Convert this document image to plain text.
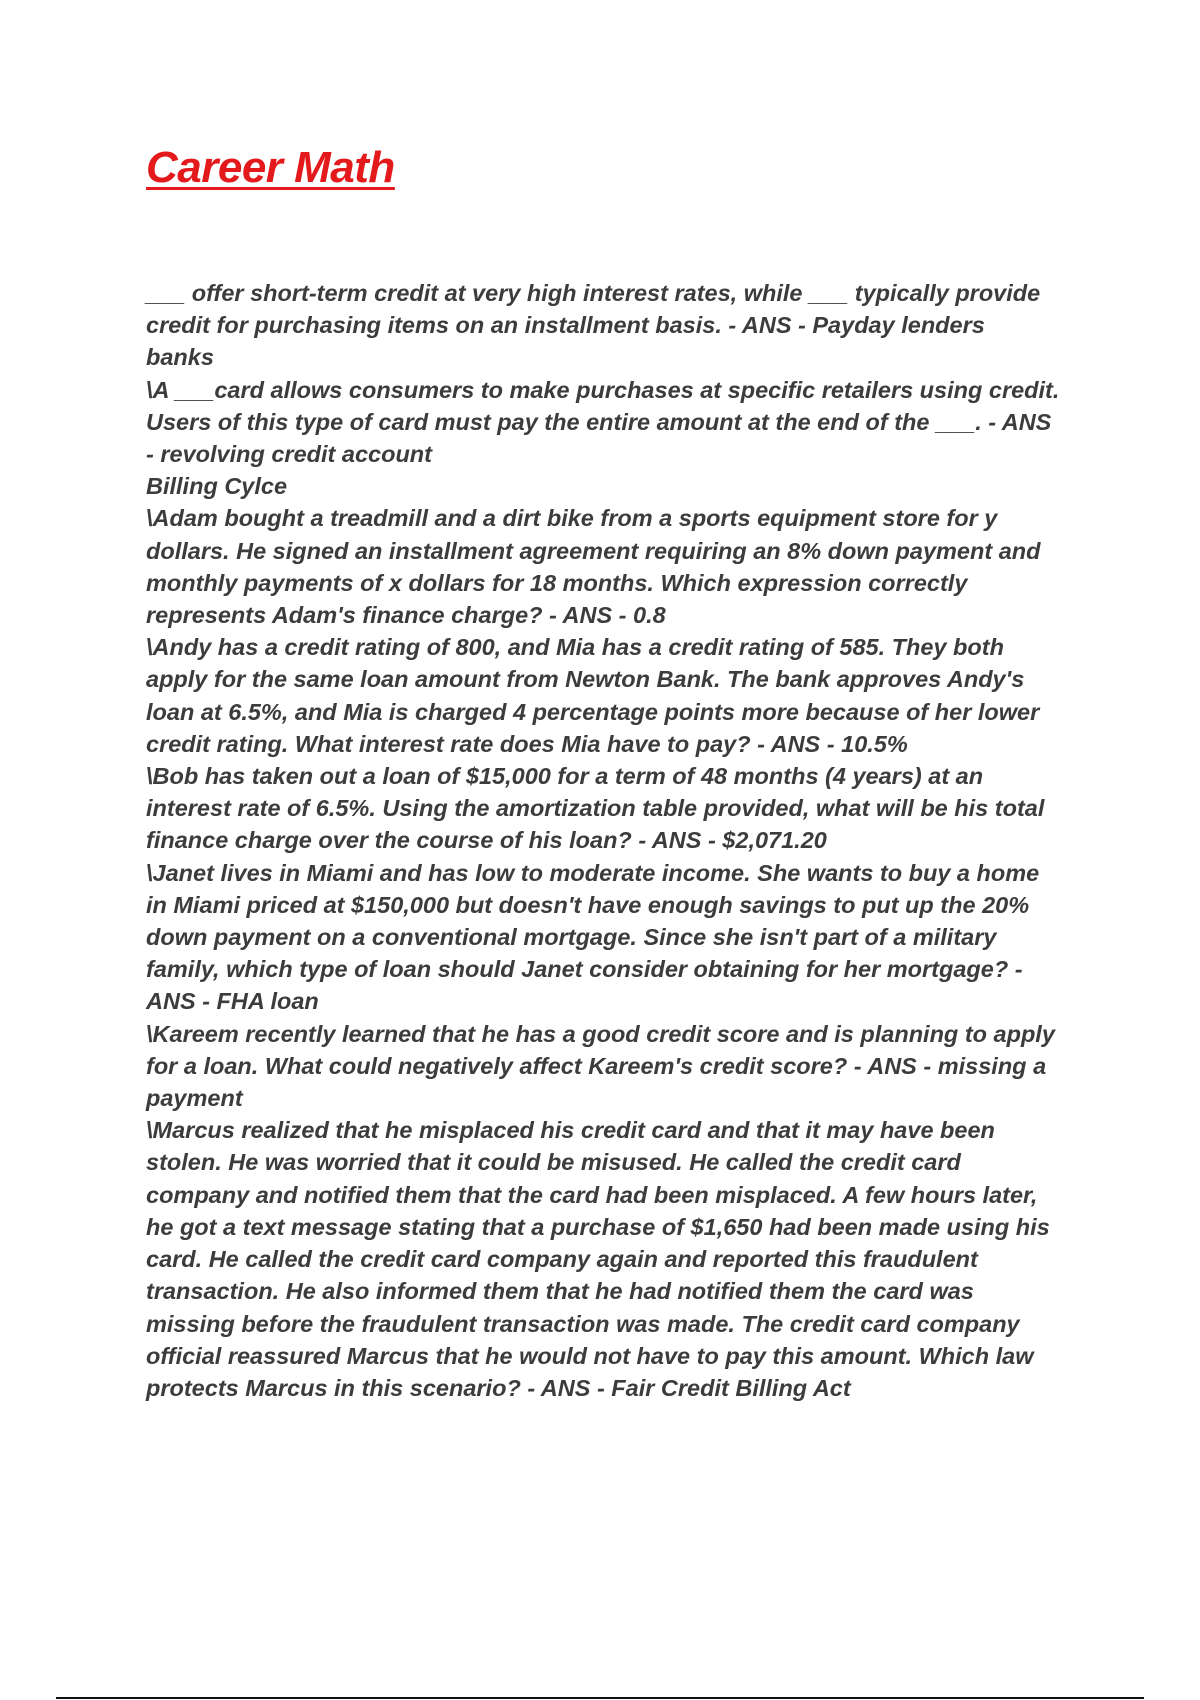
Career Math
___ offer short-term credit at very high interest rates, while ___ typically provide
credit for purchasing items on an installment basis. - ANS - Payday lenders
banks
\A ___card allows consumers to make purchases at specific retailers using credit.
Users of this type of card must pay the entire amount at the end of the ___. - ANS
- revolving credit account
Billing Cylce
\Adam bought a treadmill and a dirt bike from a sports equipment store for y
dollars. He signed an installment agreement requiring an 8% down payment and
monthly payments of x dollars for 18 months. Which expression correctly
represents Adam's finance charge? - ANS - 0.8
\Andy has a credit rating of 800, and Mia has a credit rating of 585. They both
apply for the same loan amount from Newton Bank. The bank approves Andy's
loan at 6.5%, and Mia is charged 4 percentage points more because of her lower
credit rating. What interest rate does Mia have to pay? - ANS - 10.5%
\Bob has taken out a loan of $15,000 for a term of 48 months (4 years) at an
interest rate of 6.5%. Using the amortization table provided, what will be his total
finance charge over the course of his loan? - ANS - $2,071.20
\Janet lives in Miami and has low to moderate income. She wants to buy a home
in Miami priced at $150,000 but doesn't have enough savings to put up the 20%
down payment on a conventional mortgage. Since she isn't part of a military
family, which type of loan should Janet consider obtaining for her mortgage? -
ANS - FHA loan
\Kareem recently learned that he has a good credit score and is planning to apply
for a loan. What could negatively affect Kareem's credit score? - ANS - missing a
payment
\Marcus realized that he misplaced his credit card and that it may have been
stolen. He was worried that it could be misused. He called the credit card
company and notified them that the card had been misplaced. A few hours later,
he got a text message stating that a purchase of $1,650 had been made using his
card. He called the credit card company again and reported this fraudulent
transaction. He also informed them that he had notified them the card was
missing before the fraudulent transaction was made. The credit card company
official reassured Marcus that he would not have to pay this amount. Which law
protects Marcus in this scenario? - ANS - Fair Credit Billing Act
